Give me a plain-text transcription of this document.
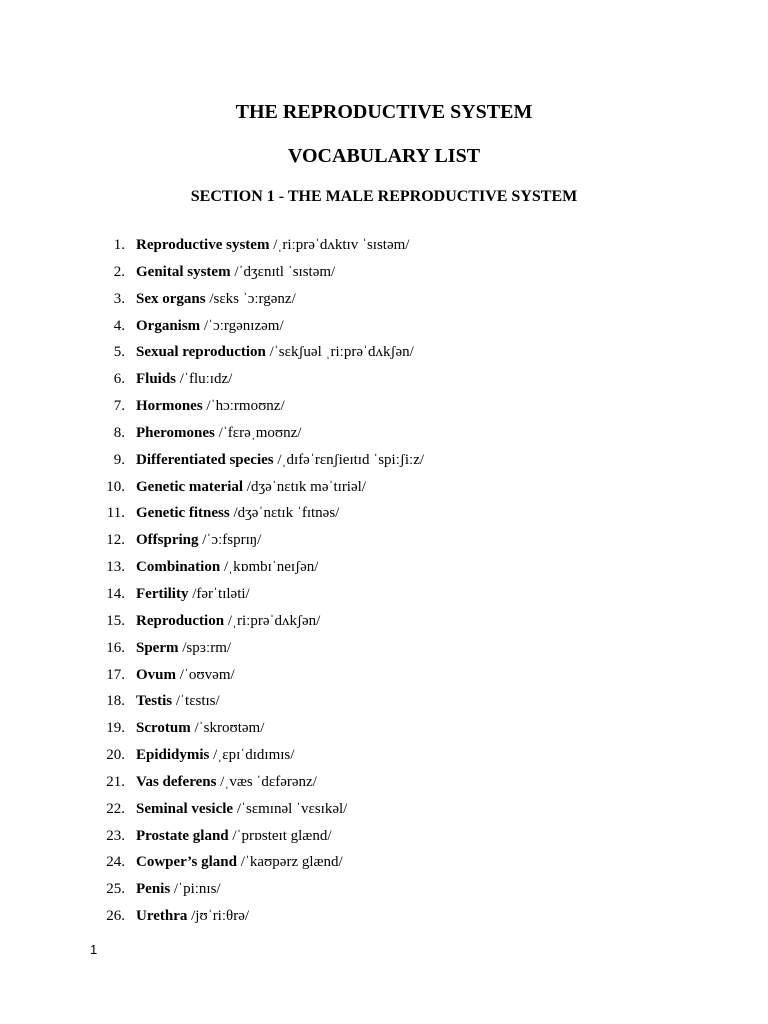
THE REPRODUCTIVE SYSTEM
VOCABULARY LIST
SECTION 1 - THE MALE REPRODUCTIVE SYSTEM
1. Reproductive system /ˌriːprəˈdʌktɪv ˈsɪstəm/
2. Genital system /ˈdʒɛnɪtl ˈsɪstəm/
3. Sex organs /sɛks ˈɔːrgənz/
4. Organism /ˈɔːrgənɪzəm/
5. Sexual reproduction /ˈsɛkʃuəl ˌriːprəˈdʌkʃən/
6. Fluids /ˈfluːɪdz/
7. Hormones /ˈhɔːrmoʊnz/
8. Pheromones /ˈfɛrəˌmoʊnz/
9. Differentiated species /ˌdɪfəˈrɛnʃieɪtɪd ˈspiːʃiːz/
10. Genetic material /dʒəˈnɛtɪk məˈtɪriəl/
11. Genetic fitness /dʒəˈnɛtɪk ˈfɪtnəs/
12. Offspring /ˈɔːfsprɪŋ/
13. Combination /ˌkɒmbɪˈneɪʃən/
14. Fertility /fərˈtɪləti/
15. Reproduction /ˌriːprəˈdʌkʃən/
16. Sperm /spɜːrm/
17. Ovum /ˈoʊvəm/
18. Testis /ˈtɛstɪs/
19. Scrotum /ˈskroʊtəm/
20. Epididymis /ˌɛpɪˈdɪdɪmɪs/
21. Vas deferens /ˌvæs ˈdɛfərənz/
22. Seminal vesicle /ˈsɛmɪnəl ˈvɛsɪkəl/
23. Prostate gland /ˈprɒsteɪt glænd/
24. Cowper’s gland /ˈkaʊpərz glænd/
25. Penis /ˈpiːnɪs/
26. Urethra /jʊˈriːθrə/
1
